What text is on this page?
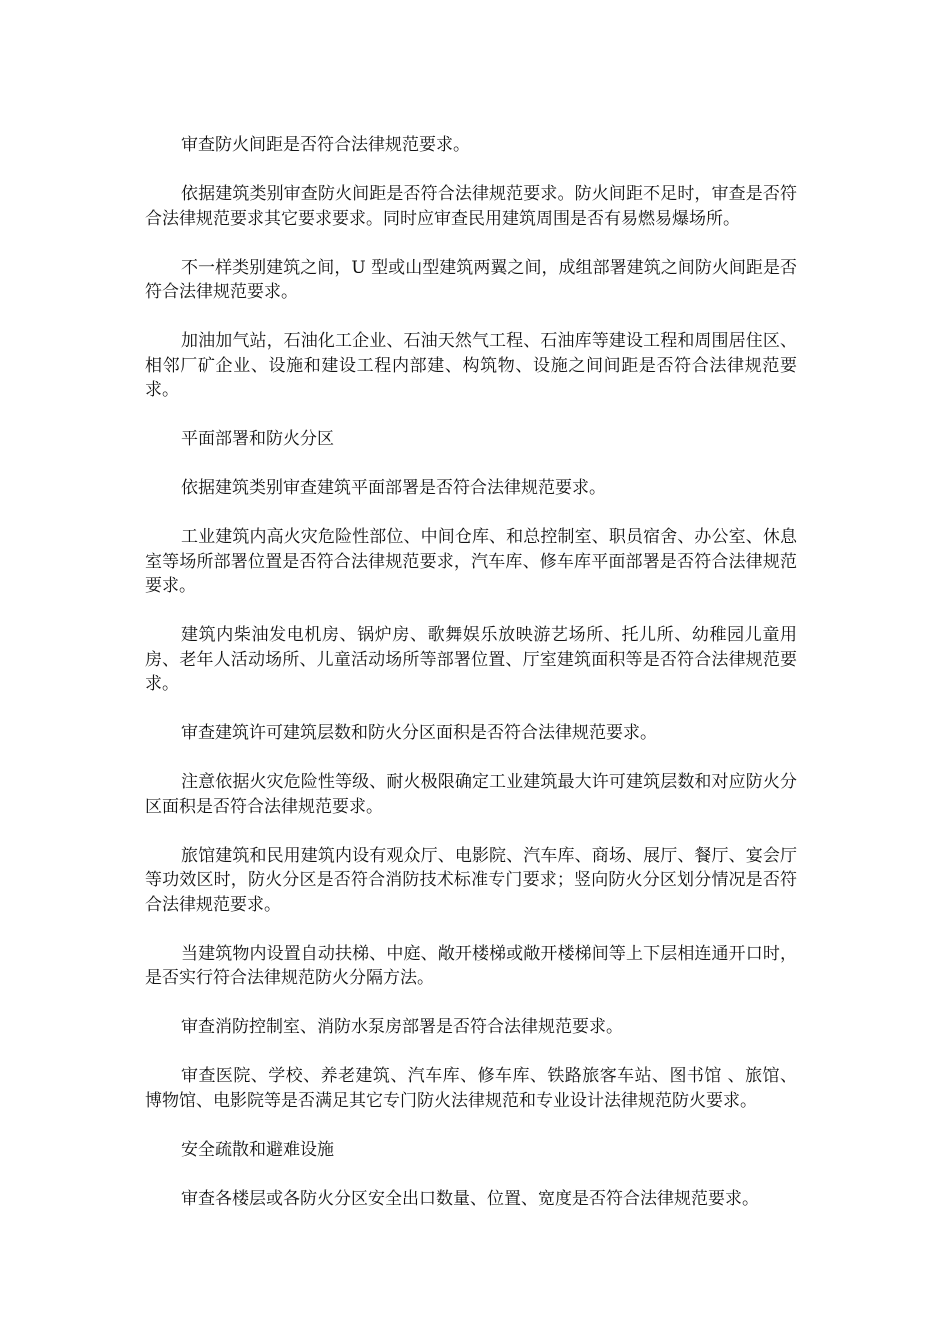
审查防火间距是否符合法律规范要求。

依据建筑类别审查防火间距是否符合法律规范要求。防火间距不足时，审查是否符合法律规范要求其它要求要求。同时应审查民用建筑周围是否有易燃易爆场所。

不一样类别建筑之间，U 型或山型建筑两翼之间，成组部署建筑之间防火间距是否符合法律规范要求。

加油加气站，石油化工企业、石油天然气工程、石油库等建设工程和周围居住区、相邻厂矿企业、设施和建设工程内部建、构筑物、设施之间间距是否符合法律规范要求。

平面部署和防火分区

依据建筑类别审查建筑平面部署是否符合法律规范要求。

工业建筑内高火灾危险性部位、中间仓库、和总控制室、职员宿舍、办公室、休息室等场所部署位置是否符合法律规范要求，汽车库、修车库平面部署是否符合法律规范要求。

建筑内柴油发电机房、锅炉房、歌舞娱乐放映游艺场所、托儿所、幼稚园儿童用房、老年人活动场所、儿童活动场所等部署位置、厅室建筑面积等是否符合法律规范要求。

审查建筑许可建筑层数和防火分区面积是否符合法律规范要求。

注意依据火灾危险性等级、耐火极限确定工业建筑最大许可建筑层数和对应防火分区面积是否符合法律规范要求。

旅馆建筑和民用建筑内设有观众厅、电影院、汽车库、商场、展厅、餐厅、宴会厅等功效区时，防火分区是否符合消防技术标准专门要求；竖向防火分区划分情况是否符合法律规范要求。

当建筑物内设置自动扶梯、中庭、敞开楼梯或敞开楼梯间等上下层相连通开口时，是否实行符合法律规范防火分隔方法。

审查消防控制室、消防水泵房部署是否符合法律规范要求。

审查医院、学校、养老建筑、汽车库、修车库、铁路旅客车站、图书馆 、旅馆、博物馆、电影院等是否满足其它专门防火法律规范和专业设计法律规范防火要求。

安全疏散和避难设施

审查各楼层或各防火分区安全出口数量、位置、宽度是否符合法律规范要求。
